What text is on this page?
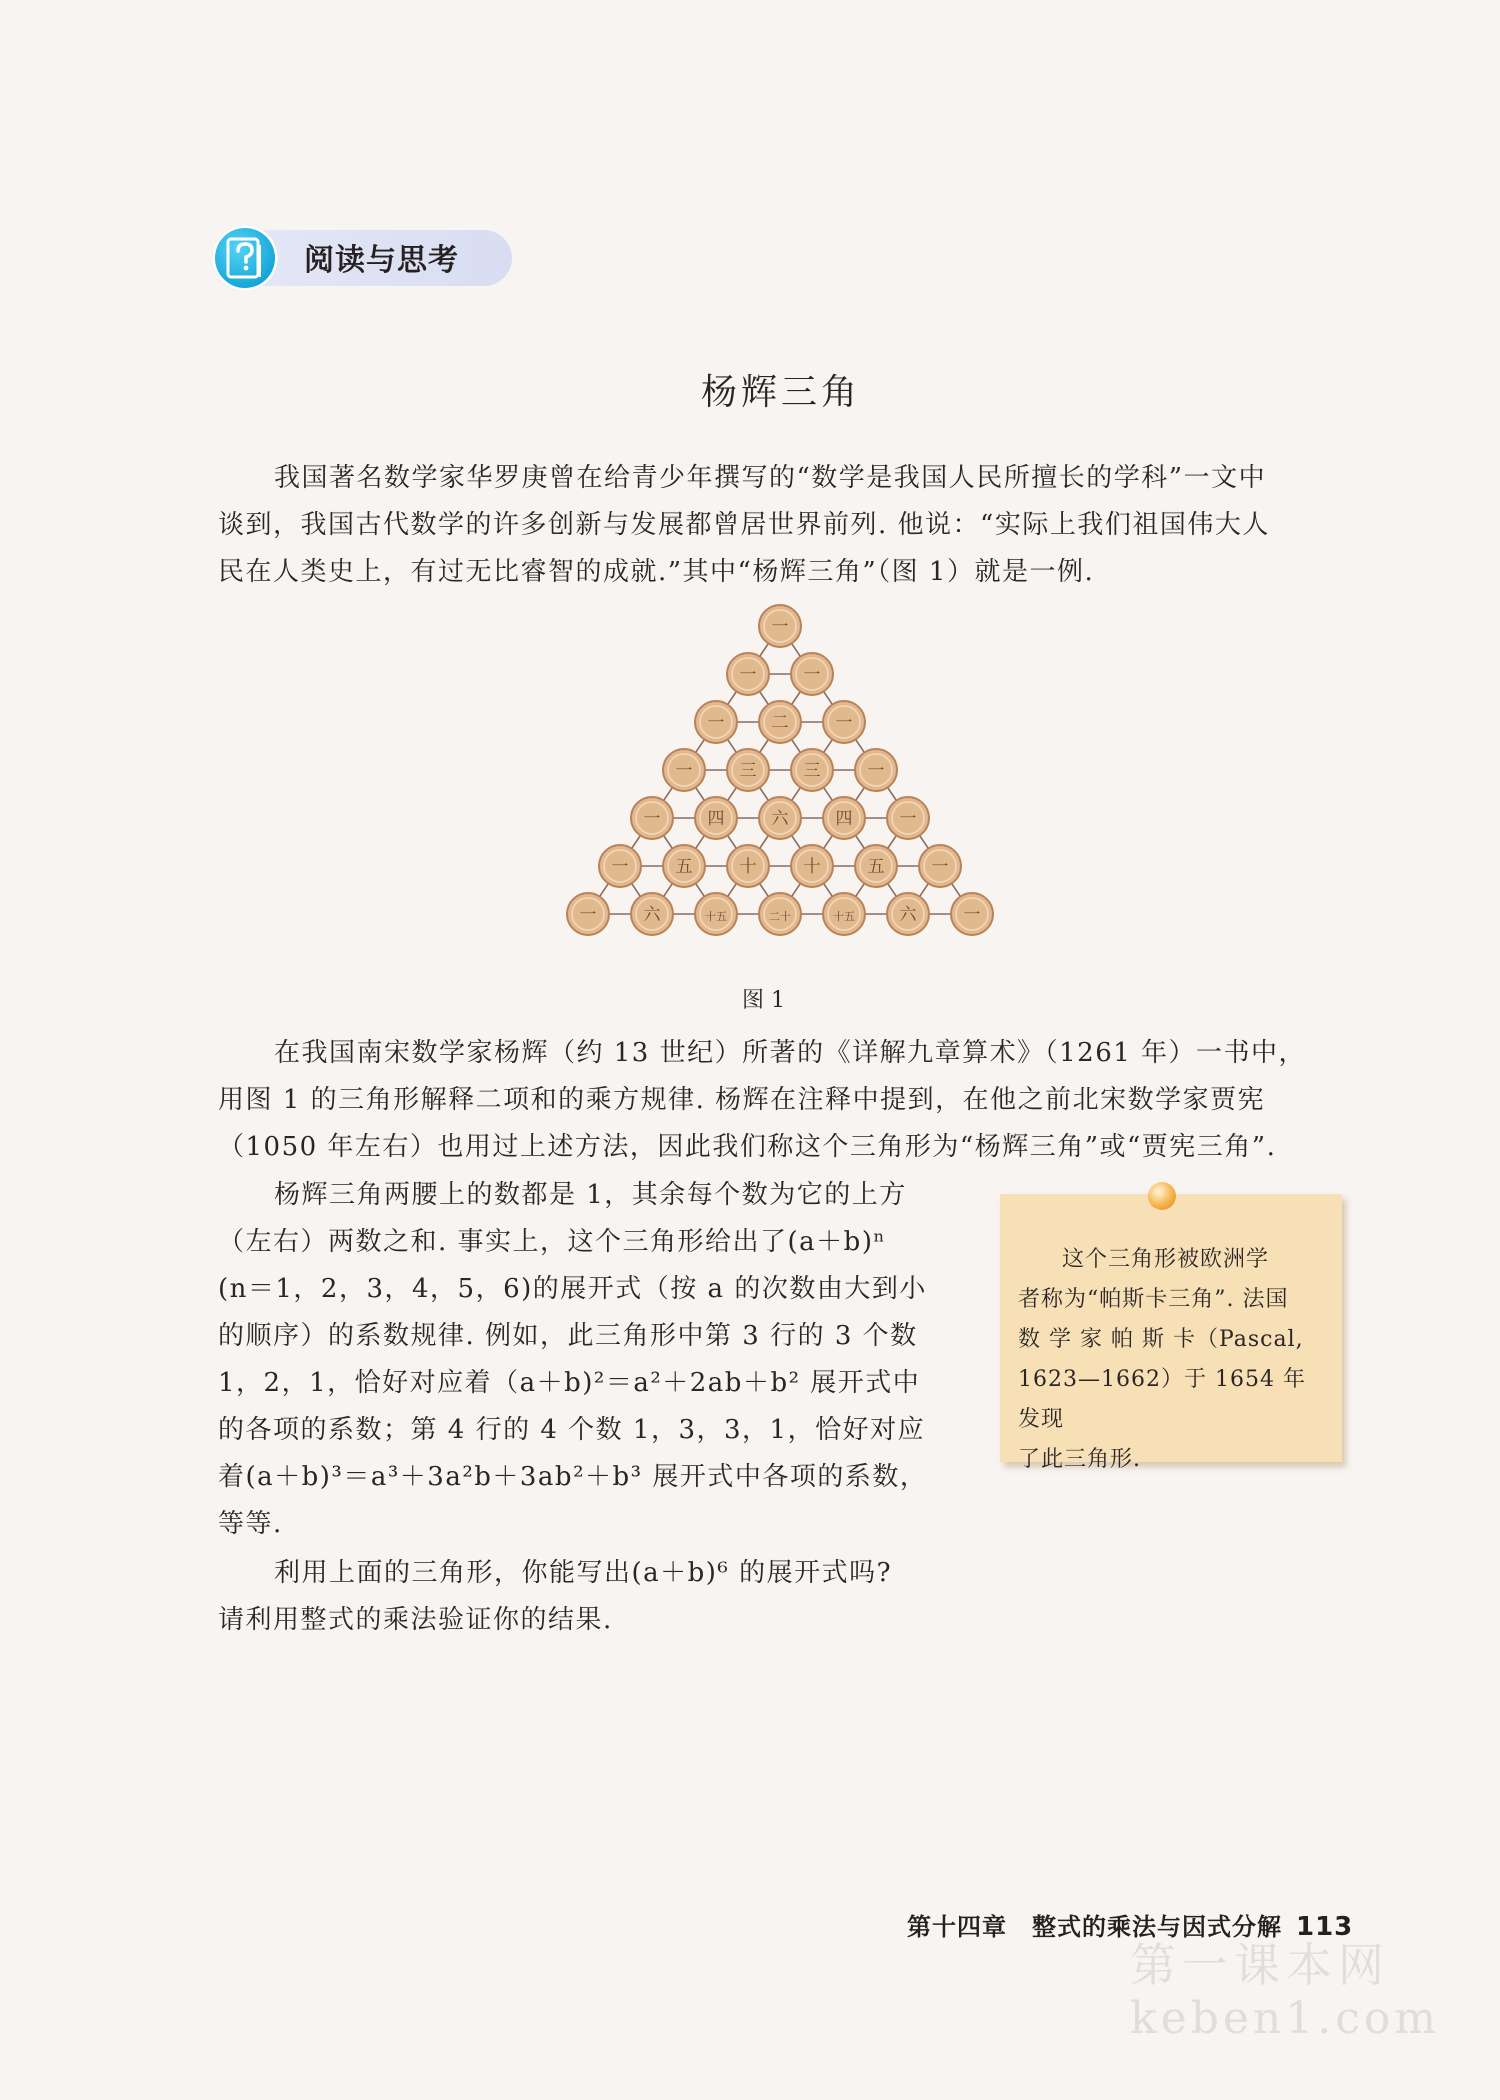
阅读与思考
杨辉三角

我国著名数学家华罗庚曾在给青少年撰写的“数学是我国人民所擅长的学科”一文中
谈到，我国古代数学的许多创新与发展都曾居世界前列. 他说：“实际上我们祖国伟大人
民在人类史上，有过无比睿智的成就.”其中“杨辉三角”（图 1）就是一例.

一
一	一
一	二	一
一	三	三	一
一	四	六	四	一
一	五	十	十	五	一
一	六	十五	二十	十五	六	一
图 1

在我国南宋数学家杨辉（约 13 世纪）所著的《详解九章算术》（1261 年）一书中，
用图 1 的三角形解释二项和的乘方规律. 杨辉在注释中提到，在他之前北宋数学家贾宪
（1050 年左右）也用过上述方法，因此我们称这个三角形为“杨辉三角”或“贾宪三角”.

杨辉三角两腰上的数都是 1，其余每个数为它的上方
（左右）两数之和. 事实上，这个三角形给出了(a＋b)ⁿ
(n＝1，2，3，4，5，6)的展开式（按 a 的次数由大到小
的顺序）的系数规律. 例如，此三角形中第 3 行的 3 个数
1，2，1，恰好对应着（a＋b)²＝a²＋2ab＋b² 展开式中
的各项的系数；第 4 行的 4 个数 1，3，3，1，恰好对应
着(a＋b)³＝a³＋3a²b＋3ab²＋b³ 展开式中各项的系数，
等等.

利用上面的三角形，你能写出(a＋b)⁶ 的展开式吗?
请利用整式的乘法验证你的结果.

这个三角形被欧洲学
者称为“帕斯卡三角”. 法国
数 学 家 帕 斯 卡（Pascal,
1623—1662）于 1654 年发现
了此三角形.
第十四章　整式的乘法与因式分解 113
第一课本网
keben1.com
